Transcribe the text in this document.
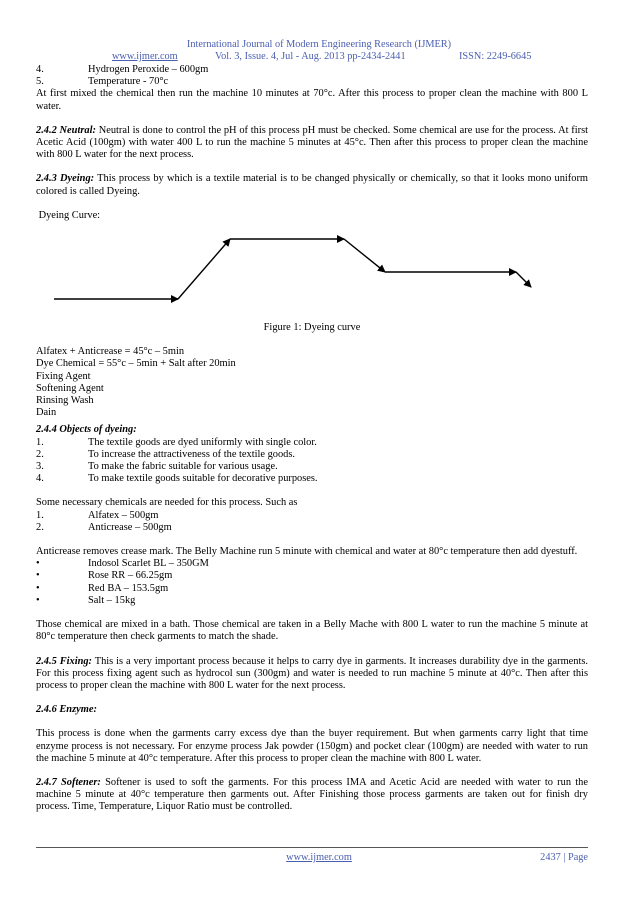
International Journal of Modern Engineering Research (IJMER)
www.ijmer.com	Vol. 3, Issue. 4, Jul - Aug. 2013 pp-2434-2441	ISSN: 2249-6645
4.	Hydrogen Peroxide – 600gm
5.	Temperature - 70°c

At first mixed the chemical then run the machine 10 minutes at 70°c. After this process to proper clean the machine with 800 L water.

2.4.2 Neutral: Neutral is done to control the pH of this process pH must be checked. Some chemical are use for the process. At first Acetic Acid (100gm) with water 400 L to run the machine 5 minutes at 45°c. Then after this process to proper clean the machine with 800 L water for the next process.

2.4.3 Dyeing: This process by which is a textile material is to be changed physically or chemically, so that it looks mono uniform colored is called Dyeing.

Dyeing Curve:

Figure 1: Dyeing curve

Alfatex + Anticrease = 45°c – 5min
Dye Chemical = 55°c – 5min + Salt after 20min
Fixing Agent
Softening Agent
Rinsing Wash
Dain
2.4.4 Objects of dyeing:
1.	The textile goods are dyed uniformly with single color.
2.	To increase the attractiveness of the textile goods.
3.	To make the fabric suitable for various usage.
4.	To make textile goods suitable for decorative purposes.

Some necessary chemicals are needed for this process. Such as

1.	Alfatex – 500gm
2.	Anticrease – 500gm

Anticrease removes crease mark. The Belly Machine run 5 minute with chemical and water at 80°c temperature then add dyestuff.

•	Indosol Scarlet BL – 350GM
•	Rose RR – 66.25gm
•	Red BA – 153.5gm
•	Salt – 15kg

Those chemical are mixed in a bath. Those chemical are taken in a Belly Mache with 800 L water to run the machine 5 minute at 80°c temperature then check garments to match the shade.

2.4.5 Fixing: This is a very important process because it helps to carry dye in garments. It increases durability dye in the garments. For this process fixing agent such as hydrocol sun (300gm) and water is needed to run machine 5 minute at 40°c. Then after this process to proper clean the machine with 800 L water for the next process.

2.4.6 Enzyme:

This process is done when the garments carry excess dye than the buyer requirement. But when garments carry light that time enzyme process is not necessary. For enzyme process Jak powder (150gm) and pocket clear (100gm) are needed with water to run the machine 5 minute at 40°c temperature. After this process to proper clean the machine with 800 L water.

2.4.7 Softener: Softener is used to soft the garments. For this process IMA and Acetic Acid are needed with water to run the machine 5 minute at 40°c temperature then garments out. After Finishing those process garments are taken out for finish dry process. Time, Temperature, Liquor Ratio must be controlled.

www.ijmer.com	2437 | Page
